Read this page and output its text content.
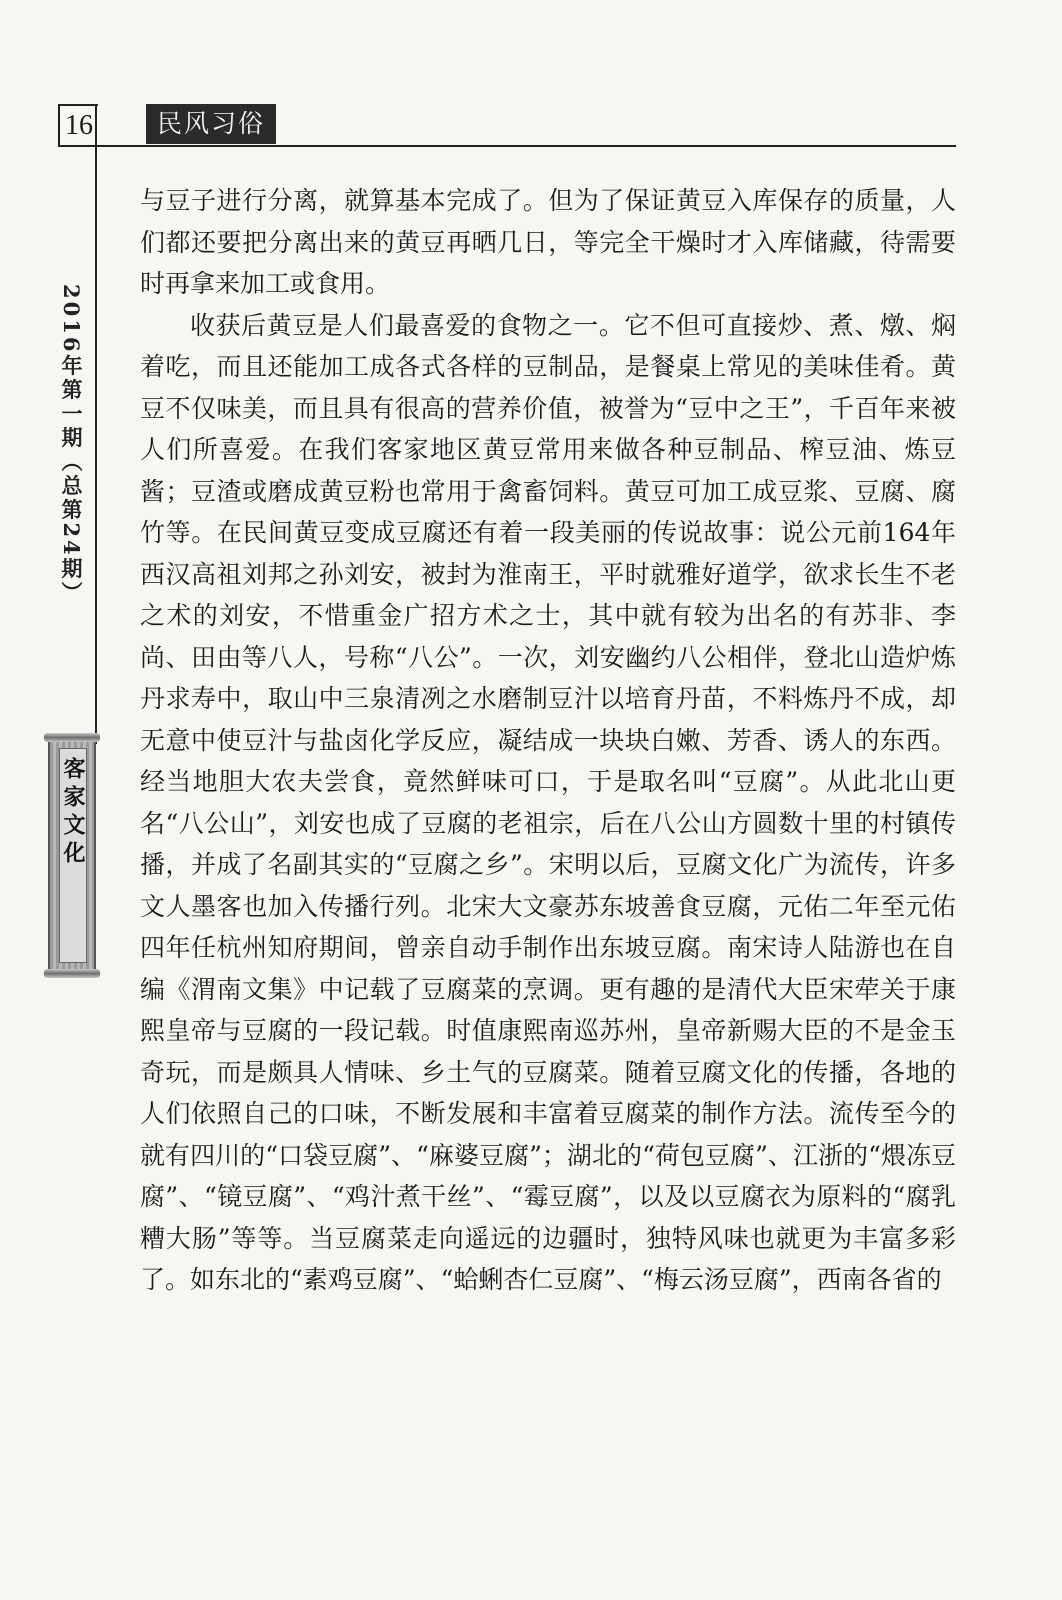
16	民风习俗
2016年第一期（总第24期）
客家文化

与豆子进行分离，就算基本完成了。但为了保证黄豆入库保存的质量，人们都还要把分离出来的黄豆再晒几日，等完全干燥时才入库储藏，待需要时再拿来加工或食用。

收获后黄豆是人们最喜爱的食物之一。它不但可直接炒、煮、燉、焖着吃，而且还能加工成各式各样的豆制品，是餐桌上常见的美味佳肴。黄豆不仅味美，而且具有很高的营养价值，被誉为“豆中之王”，千百年来被人们所喜爱。在我们客家地区黄豆常用来做各种豆制品、榨豆油、炼豆酱；豆渣或磨成黄豆粉也常用于禽畜饲料。黄豆可加工成豆浆、豆腐、腐竹等。在民间黄豆变成豆腐还有着一段美丽的传说故事：说公元前164年西汉高祖刘邦之孙刘安，被封为淮南王，平时就雅好道学，欲求长生不老之术的刘安，不惜重金广招方术之士，其中就有较为出名的有苏非、李尚、田由等八人，号称“八公”。一次，刘安幽约八公相伴，登北山造炉炼丹求寿中，取山中三泉清冽之水磨制豆汁以培育丹苗，不料炼丹不成，却无意中使豆汁与盐卤化学反应，凝结成一块块白嫩、芳香、诱人的东西。经当地胆大农夫尝食，竟然鲜味可口，于是取名叫“豆腐”。从此北山更名“八公山”，刘安也成了豆腐的老祖宗，后在八公山方圆数十里的村镇传播，并成了名副其实的“豆腐之乡”。宋明以后，豆腐文化广为流传，许多文人墨客也加入传播行列。北宋大文豪苏东坡善食豆腐，元佑二年至元佑四年任杭州知府期间，曾亲自动手制作出东坡豆腐。南宋诗人陆游也在自编《渭南文集》中记载了豆腐菜的烹调。更有趣的是清代大臣宋荦关于康熙皇帝与豆腐的一段记载。时值康熙南巡苏州，皇帝新赐大臣的不是金玉奇玩，而是颇具人情味、乡土气的豆腐菜。随着豆腐文化的传播，各地的人们依照自己的口味，不断发展和丰富着豆腐菜的制作方法。流传至今的就有四川的“口袋豆腐”、“麻婆豆腐”；湖北的“荷包豆腐”、江浙的“煨冻豆腐”、“镜豆腐”、“鸡汁煮干丝”、“霉豆腐”，以及以豆腐衣为原料的“腐乳糟大肠”等等。当豆腐菜走向遥远的边疆时，独特风味也就更为丰富多彩了。如东北的“素鸡豆腐”、“蛤蜊杏仁豆腐”、“梅云汤豆腐”，西南各省的
